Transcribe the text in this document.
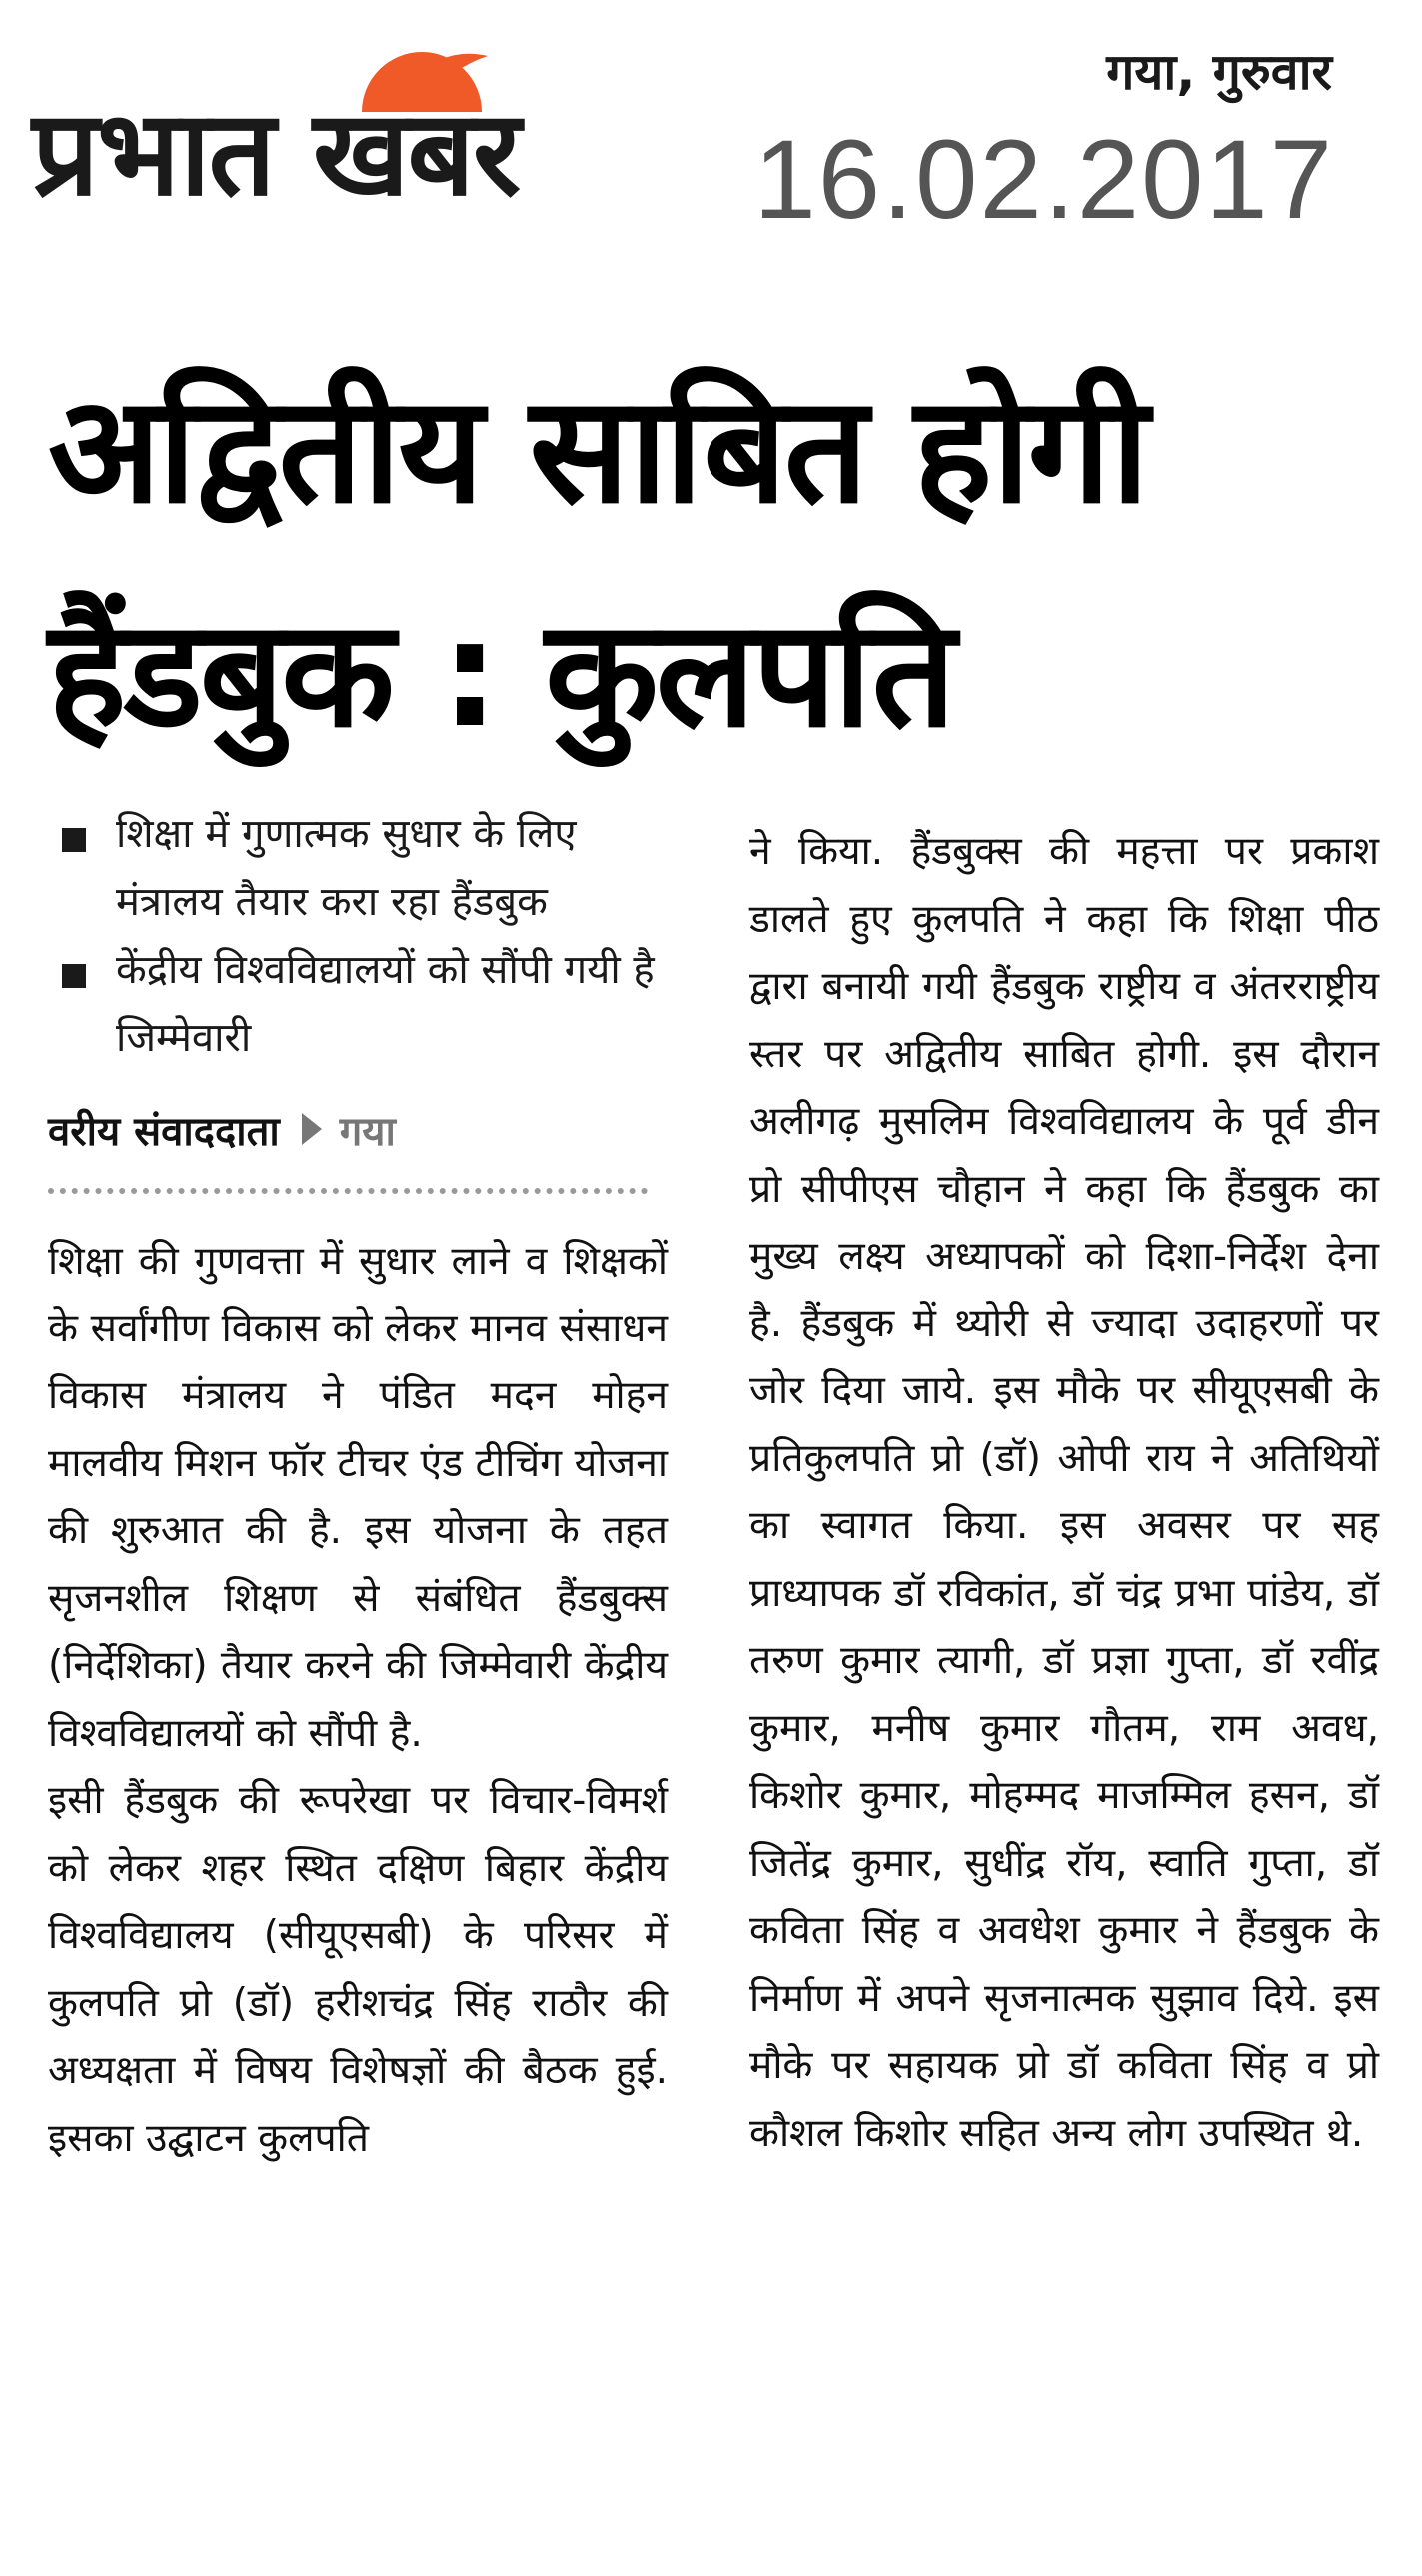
प्रभात खबर
गया, गुरुवार
16.02.2017
अद्वितीय साबित होगी
हैंडबुक : कुलपति
शिक्षा में गुणात्मक सुधार के लिए मंत्रालय तैयार करा रहा हैंडबुक
केंद्रीय विश्वविद्यालयों को सौंपी गयी है जिम्मेवारी
वरीय संवाददाता गया

शिक्षा की गुणवत्ता में सुधार लाने व शिक्षकों के सर्वांगीण विकास को लेकर मानव संसाधन विकास मंत्रालय ने पंडित मदन मोहन मालवीय मिशन फॉर टीचर एंड टीचिंग योजना की शुरुआत की है. इस योजना के तहत सृजनशील शिक्षण से संबंधित हैंडबुक्स (निर्देशिका) तैयार करने की जिम्मेवारी केंद्रीय विश्वविद्यालयों को सौंपी है.

इसी हैंडबुक की रूपरेखा पर विचार-विमर्श को लेकर शहर स्थित दक्षिण बिहार केंद्रीय विश्वविद्यालय (सीयूएसबी) के परिसर में कुलपति प्रो (डॉ) हरीशचंद्र सिंह राठौर की अध्यक्षता में विषय विशेषज्ञों की बैठक हुई. इसका उद्घाटन कुलपति

ने किया. हैंडबुक्स की महत्ता पर प्रकाश डालते हुए कुलपति ने कहा कि शिक्षा पीठ द्वारा बनायी गयी हैंडबुक राष्ट्रीय व अंतरराष्ट्रीय स्तर पर अद्वितीय साबित होगी. इस दौरान अलीगढ़ मुसलिम विश्वविद्यालय के पूर्व डीन प्रो सीपीएस चौहान ने कहा कि हैंडबुक का मुख्य लक्ष्य अध्यापकों को दिशा-निर्देश देना है. हैंडबुक में थ्योरी से ज्यादा उदाहरणों पर जोर दिया जाये. इस मौके पर सीयूएसबी के प्रतिकुलपति प्रो (डॉ) ओपी राय ने अतिथियों का स्वागत किया. इस अवसर पर सह प्राध्यापक डॉ रविकांत, डॉ चंद्र प्रभा पांडेय, डॉ तरुण कुमार त्यागी, डॉ प्रज्ञा गुप्ता, डॉ रवींद्र कुमार, मनीष कुमार गौतम, राम अवध, किशोर कुमार, मोहम्मद माजम्मिल हसन, डॉ जितेंद्र कुमार, सुधींद्र रॉय, स्वाति गुप्ता, डॉ कविता सिंह व अवधेश कुमार ने हैंडबुक के निर्माण में अपने सृजनात्मक सुझाव दिये. इस मौके पर सहायक प्रो डॉ कविता सिंह व प्रो कौशल किशोर सहित अन्य लोग उपस्थित थे.
